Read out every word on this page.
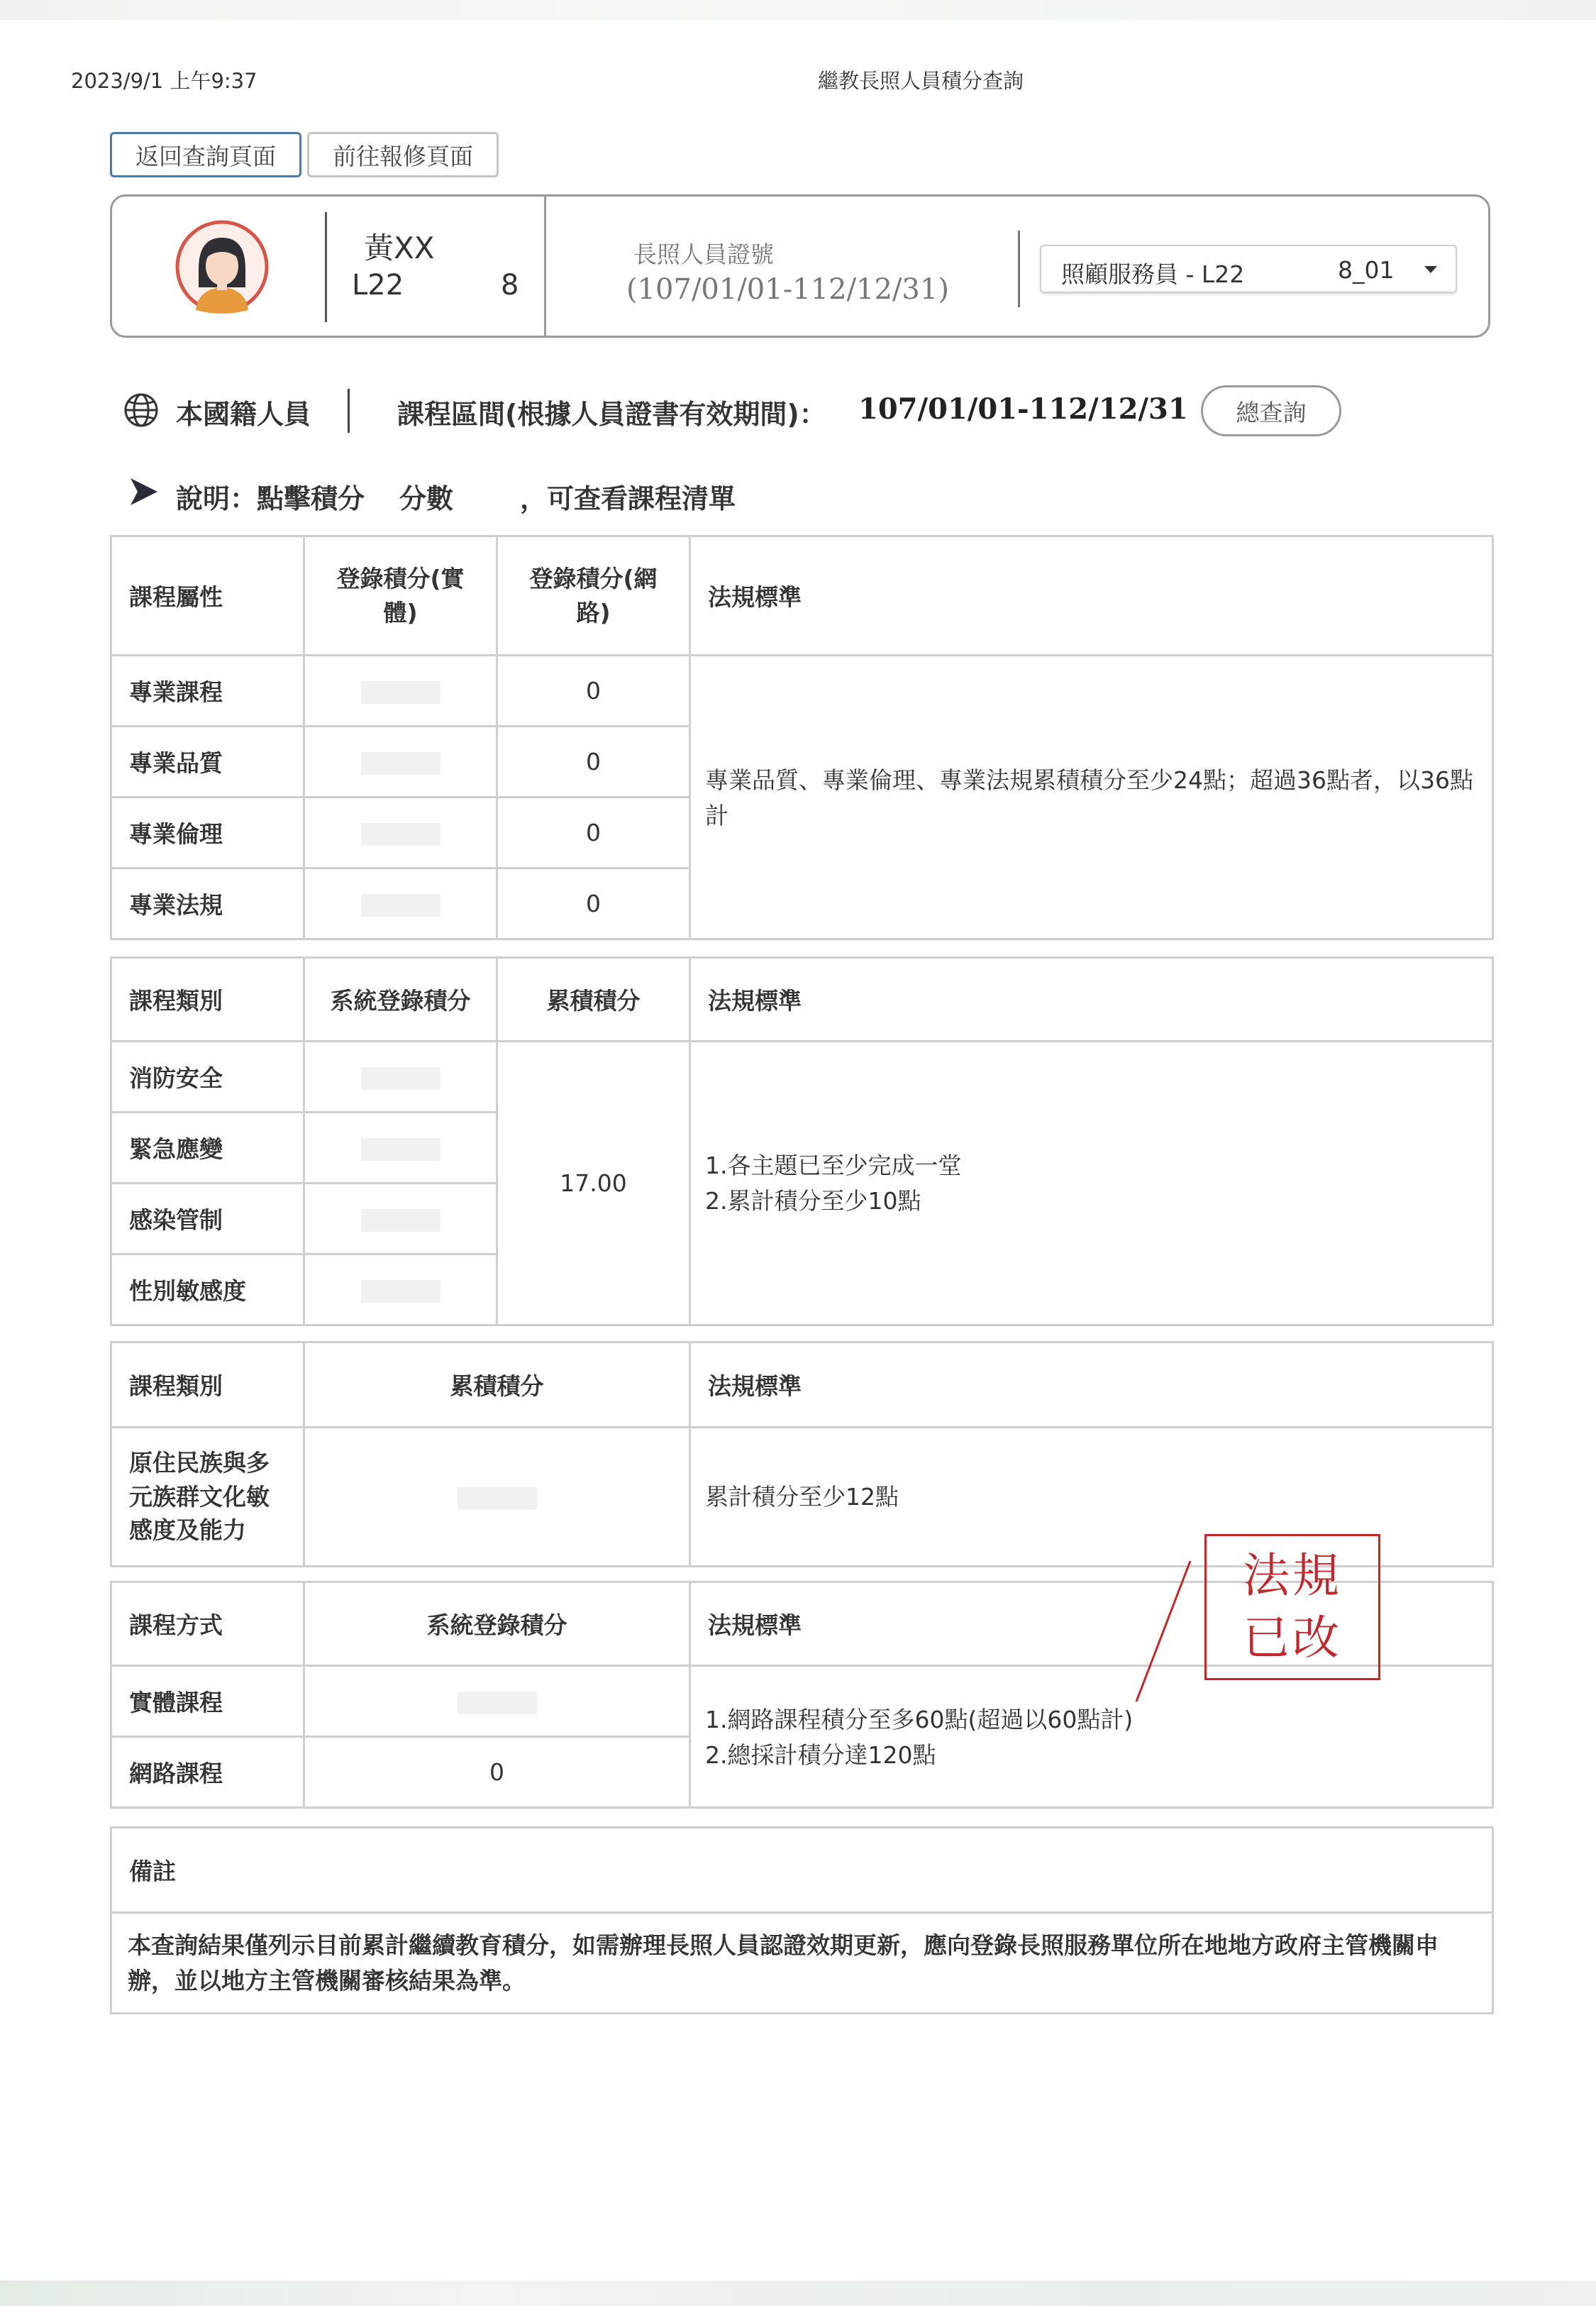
2023/9/1 上午9:37	繼教長照人員積分查詢
返回查詢頁面	前往報修頁面
黃XX
L22	8
長照人員證號
(107/01/01-112/12/31)	照顧服務員 - L22	8_01
本國籍人員	課程區間(根據人員證書有效期間)： 107/01/01-112/12/31	總查詢
說明：點擊積分 分數 ，可查看課程清單
課程屬性	登錄積分(實體)	登錄積分(網路)	法規標準
專業課程		0	專業品質、專業倫理、專業法規累積積分至少24點；超過36點者，以36點計
專業品質		0	
專業倫理		0	
專業法規		0	
課程類別	系統登錄積分	累積積分	法規標準
消防安全		17.00	1.各主題已至少完成一堂
2.累計積分至少10點

緊急應變			
感染管制			
性別敏感度			
課程類別	累積積分	法規標準
原住民族與多元族群文化敏感度及能力		累計積分至少12點
課程方式	系統登錄積分	法規標準
實體課程		1.網路課程積分至多60點(超過以60點計)
2.總採計積分達120點

網路課程	0	
備註
本查詢結果僅列示目前累計繼續教育積分，如需辦理長照人員認證效期更新，應向登錄長照服務單位所在地地方政府主管機關申辦，並以地方主管機關審核結果為準。
法規
已改
